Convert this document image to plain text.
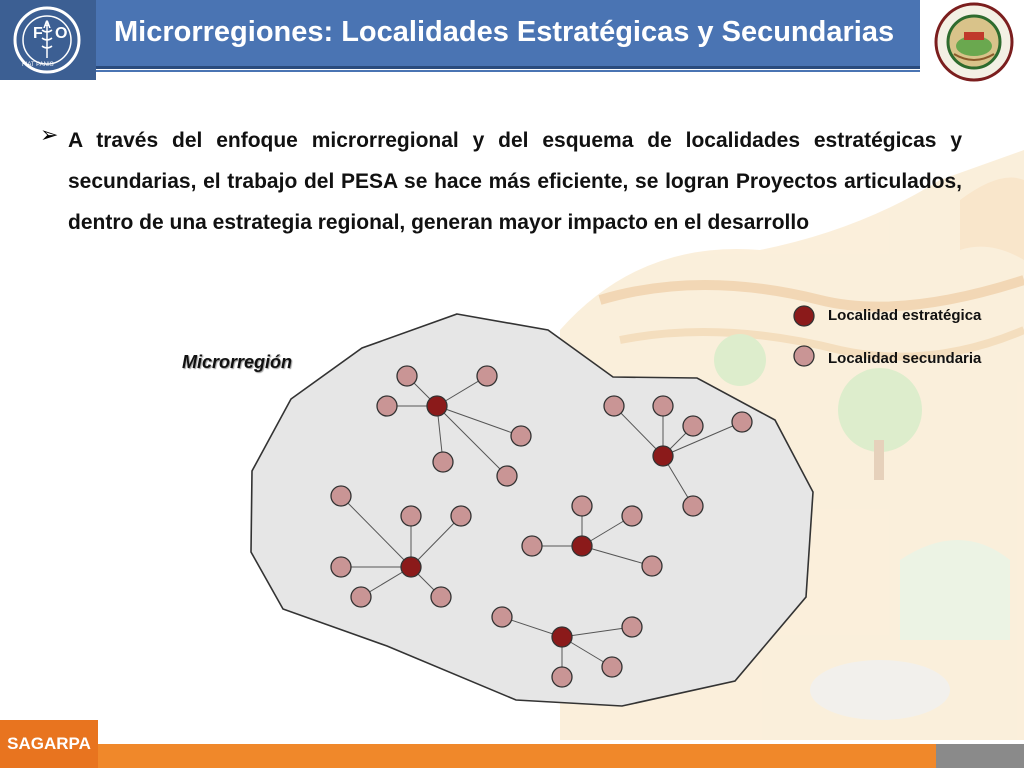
F O
A
FIAT PANIS
Microrregiones: Localidades Estratégicas y Secundarias
➢ A través del enfoque microrregional y del esquema de localidades estratégicas y secundarias, el trabajo del PESA se hace más eficiente, se logran Proyectos articulados, dentro de una estrategia regional, generan mayor impacto en el desarrollo

Localidad estratégica
Localidad secundaria
Microrregión
SAGARPA
